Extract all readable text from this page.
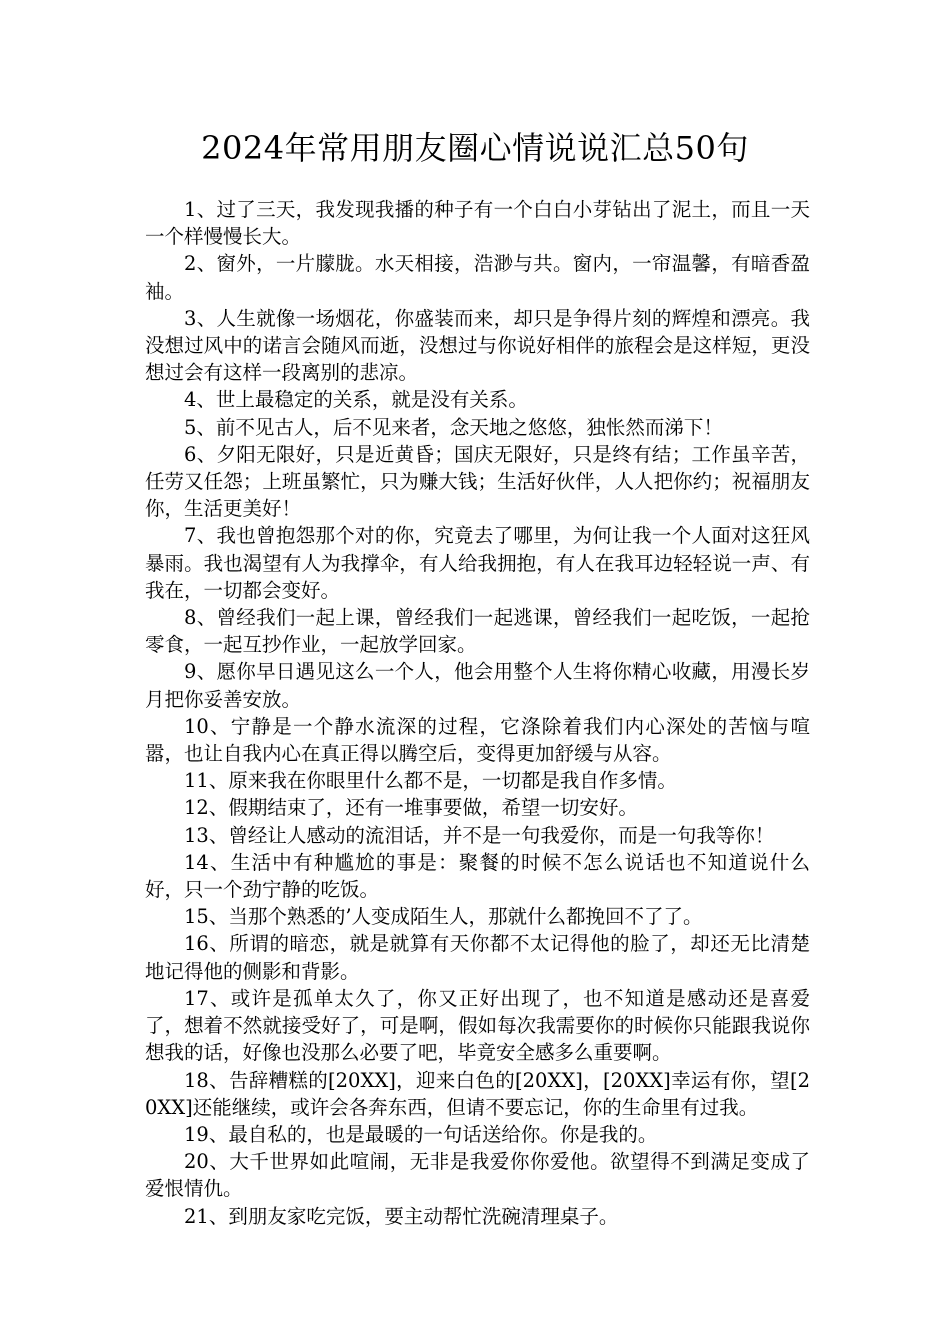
2024年常用朋友圈心情说说汇总50句

1、过了三天，我发现我播的种子有一个白白小芽钻出了泥土，而且一天一个样慢慢长大。

2、窗外，一片朦胧。水天相接，浩渺与共。窗内，一帘温馨，有暗香盈袖。

3、人生就像一场烟花，你盛装而来，却只是争得片刻的辉煌和漂亮。我没想过风中的诺言会随风而逝，没想过与你说好相伴的旅程会是这样短，更没想过会有这样一段离别的悲凉。

4、世上最稳定的关系，就是没有关系。

5、前不见古人，后不见来者，念天地之悠悠，独怅然而涕下！

6、夕阳无限好，只是近黄昏；国庆无限好，只是终有结；工作虽辛苦，任劳又任怨；上班虽繁忙，只为赚大钱；生活好伙伴，人人把你约；祝福朋友你，生活更美好！

7、我也曾抱怨那个对的你，究竟去了哪里，为何让我一个人面对这狂风暴雨。我也渴望有人为我撑伞，有人给我拥抱，有人在我耳边轻轻说一声、有我在，一切都会变好。

8、曾经我们一起上课，曾经我们一起逃课，曾经我们一起吃饭，一起抢零食，一起互抄作业，一起放学回家。

9、愿你早日遇见这么一个人，他会用整个人生将你精心收藏，用漫长岁月把你妥善安放。

10、宁静是一个静水流深的过程，它涤除着我们内心深处的苦恼与喧嚣，也让自我内心在真正得以腾空后，变得更加舒缓与从容。

11、原来我在你眼里什么都不是，一切都是我自作多情。

12、假期结束了，还有一堆事要做，希望一切安好。

13、曾经让人感动的流泪话，并不是一句我爱你，而是一句我等你！

14、生活中有种尴尬的事是：聚餐的时候不怎么说话也不知道说什么好，只一个劲宁静的吃饭。

15、当那个熟悉的’人变成陌生人，那就什么都挽回不了了。

16、所谓的暗恋，就是就算有天你都不太记得他的脸了，却还无比清楚地记得他的侧影和背影。

17、或许是孤单太久了，你又正好出现了，也不知道是感动还是喜爱了，想着不然就接受好了，可是啊，假如每次我需要你的时候你只能跟我说你想我的话，好像也没那么必要了吧，毕竟安全感多么重要啊。

18、告辞糟糕的[20XX]，迎来白色的[20XX]，[20XX]幸运有你，望[20XX]还能继续，或许会各奔东西，但请不要忘记，你的生命里有过我。

19、最自私的，也是最暖的一句话送给你。你是我的。

20、大千世界如此喧闹，无非是我爱你你爱他。欲望得不到满足变成了爱恨情仇。

21、到朋友家吃完饭，要主动帮忙洗碗清理桌子。
